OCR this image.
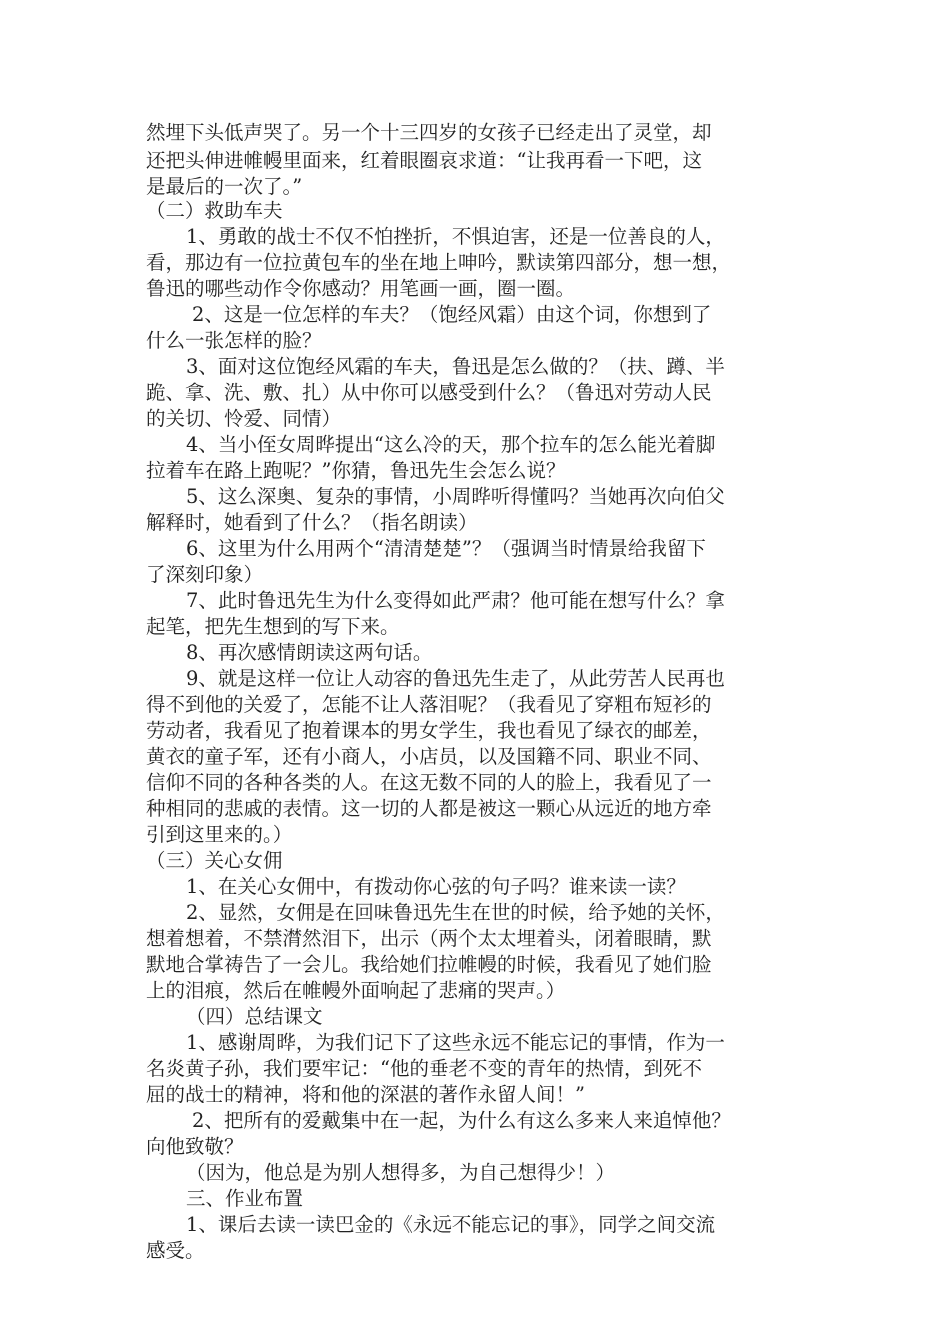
然埋下头低声哭了。另一个十三四岁的女孩子已经走出了灵堂，却
还把头伸进帷幔里面来，红着眼圈哀求道：“让我再看一下吧，这
是最后的一次了。”
（二）救助车夫
1、勇敢的战士不仅不怕挫折，不惧迫害，还是一位善良的人，
看，那边有一位拉黄包车的坐在地上呻吟，默读第四部分，想一想，
鲁迅的哪些动作令你感动？用笔画一画，圈一圈。
2、这是一位怎样的车夫？（饱经风霜）由这个词，你想到了
什么一张怎样的脸？
3、面对这位饱经风霜的车夫，鲁迅是怎么做的？（扶、蹲、半
跪、拿、洗、敷、扎）从中你可以感受到什么？（鲁迅对劳动人民
的关切、怜爱、同情）
4、当小侄女周晔提出“这么冷的天，那个拉车的怎么能光着脚
拉着车在路上跑呢？”你猜，鲁迅先生会怎么说？
5、这么深奥、复杂的事情，小周晔听得懂吗？当她再次向伯父
解释时，她看到了什么？（指名朗读）
6、这里为什么用两个“清清楚楚”？（强调当时情景给我留下
了深刻印象）
7、此时鲁迅先生为什么变得如此严肃？他可能在想写什么？拿
起笔，把先生想到的写下来。
8、再次感情朗读这两句话。
9、就是这样一位让人动容的鲁迅先生走了，从此劳苦人民再也
得不到他的关爱了，怎能不让人落泪呢？（我看见了穿粗布短衫的
劳动者，我看见了抱着课本的男女学生，我也看见了绿衣的邮差，
黄衣的童子军，还有小商人，小店员，以及国籍不同、职业不同、
信仰不同的各种各类的人。在这无数不同的人的脸上，我看见了一
种相同的悲戚的表情。这一切的人都是被这一颗心从远近的地方牵
引到这里来的。）
（三）关心女佣
1、在关心女佣中，有拨动你心弦的句子吗？谁来读一读？
2、显然，女佣是在回味鲁迅先生在世的时候，给予她的关怀，
想着想着，不禁潸然泪下，出示（两个太太埋着头，闭着眼睛，默
默地合掌祷告了一会儿。我给她们拉帷幔的时候，我看见了她们脸
上的泪痕，然后在帷幔外面响起了悲痛的哭声。）
（四）总结课文
1、感谢周晔，为我们记下了这些永远不能忘记的事情，作为一
名炎黄子孙，我们要牢记：“他的垂老不变的青年的热情，到死不
屈的战士的精神，将和他的深湛的著作永留人间！”
2、把所有的爱戴集中在一起，为什么有这么多来人来追悼他？
向他致敬？
（因为，他总是为别人想得多，为自己想得少！）
三、作业布置
1、课后去读一读巴金的《永远不能忘记的事》，同学之间交流
感受。
